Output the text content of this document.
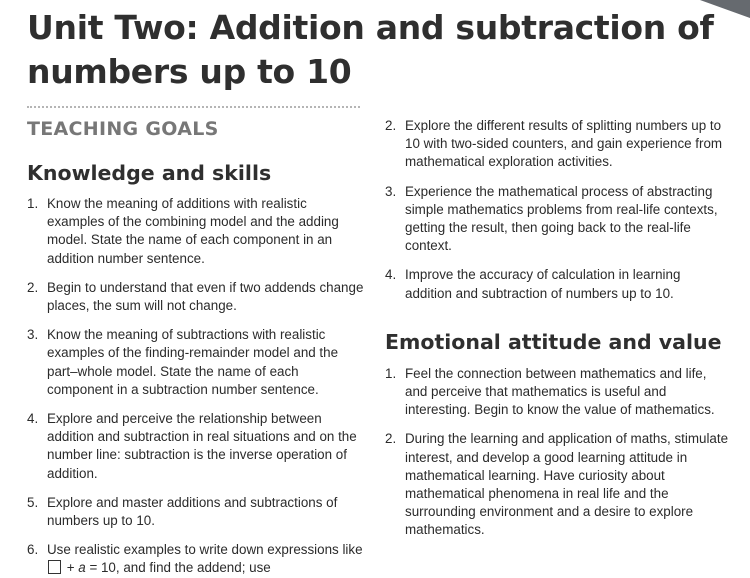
Unit Two: Addition and subtraction of numbers up to 10
TEACHING GOALS
Knowledge and skills
1. Know the meaning of additions with realistic examples of the combining model and the adding model. State the name of each component in an addition number sentence.
2. Begin to understand that even if two addends change places, the sum will not change.
3. Know the meaning of subtractions with realistic examples of the finding-remainder model and the part–whole model. State the name of each component in a subtraction number sentence.
4. Explore and perceive the relationship between addition and subtraction in real situations and on the number line: subtraction is the inverse operation of addition.
5. Explore and master additions and subtractions of numbers up to 10.
6. Use realistic examples to write down expressions like  + a = 10, and find the addend; use
2. Explore the different results of splitting numbers up to 10 with two-sided counters, and gain experience from mathematical exploration activities.
3. Experience the mathematical process of abstracting simple mathematics problems from real-life contexts, getting the result, then going back to the real-life context.
4. Improve the accuracy of calculation in learning addition and subtraction of numbers up to 10.
Emotional attitude and value
1. Feel the connection between mathematics and life, and perceive that mathematics is useful and interesting. Begin to know the value of mathematics.
2. During the learning and application of maths, stimulate interest, and develop a good learning attitude in mathematical learning. Have curiosity about mathematical phenomena in real life and the surrounding environment and a desire to explore mathematics.
